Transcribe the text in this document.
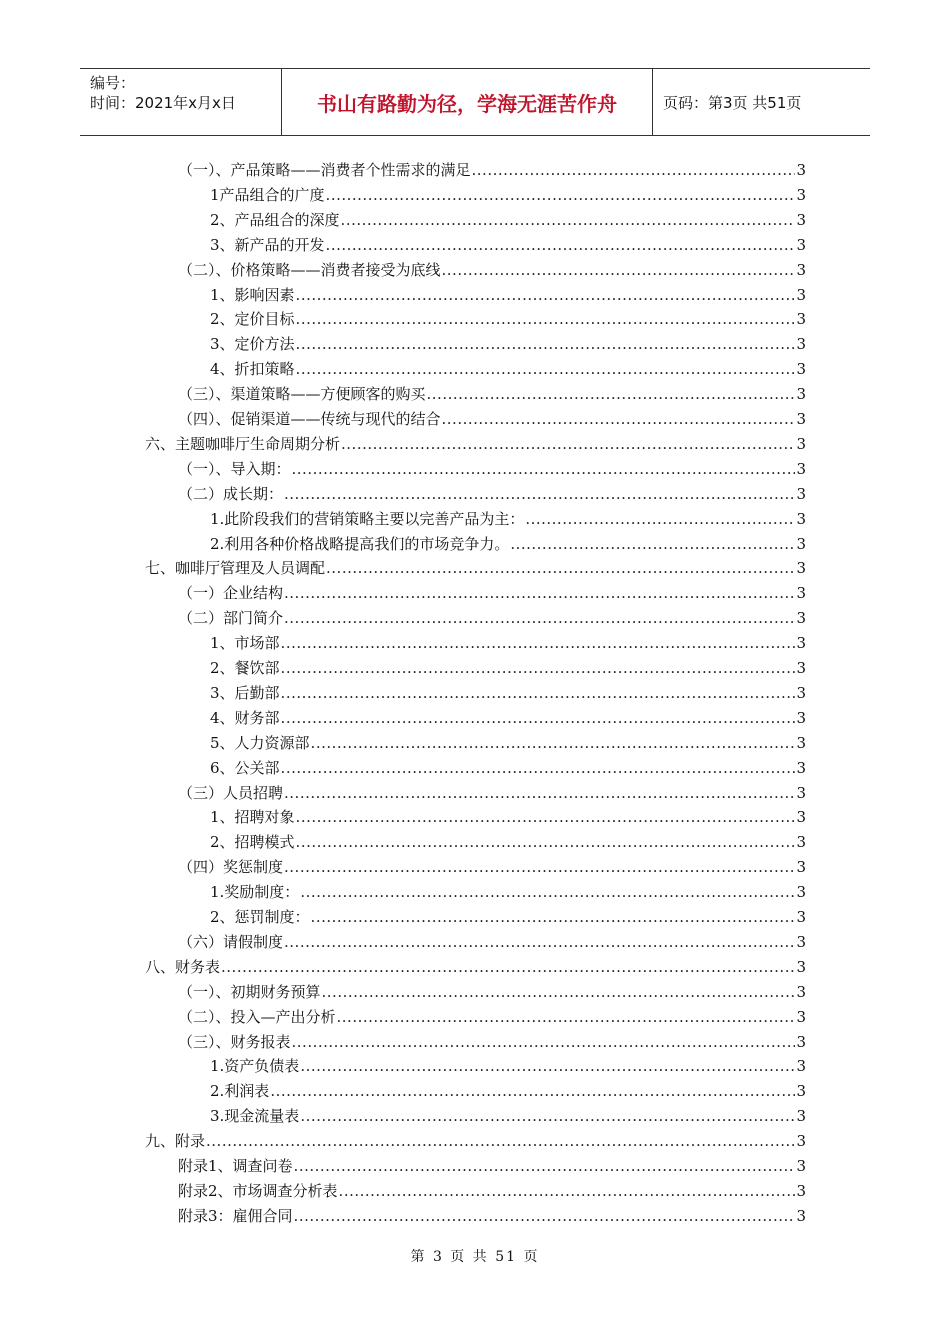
编号：
时间：2021年x月x日	书山有路勤为径，学海无涯苦作舟	页码：第3页 共51页
（一）、产品策略——消费者个性需求的满足 .....	3
1产品组合的广度 .....	3
2、产品组合的深度 .....	3
3、新产品的开发 .....	3
（二）、价格策略——消费者接受为底线 .....	3
1、影响因素 .....	3
2、定价目标 .....	3
3、定价方法 .....	3
4、折扣策略 .....	3
（三）、渠道策略——方便顾客的购买 .....	3
（四）、促销渠道——传统与现代的结合 .....	3
六、主题咖啡厅生命周期分析 .....	3
（一）、导入期： .....	3
（二）成长期： .....	3
1.此阶段我们的营销策略主要以完善产品为主： .....	3
2.利用各种价格战略提高我们的市场竞争力。 .....	3
七、咖啡厅管理及人员调配 .....	3
（一）企业结构 .....	3
（二）部门简介 .....	3
1、市场部 .....	3
2、餐饮部 .....	3
3、后勤部 .....	3
4、财务部 .....	3
5、人力资源部 .....	3
6、公关部 .....	3
（三）人员招聘 .....	3
1、招聘对象 .....	3
2、招聘模式 .....	3
（四）奖惩制度 .....	3
1.奖励制度： .....	3
2、惩罚制度： .....	3
（六）请假制度 .....	3
八、财务表 .....	3
（一）、初期财务预算 .....	3
（二）、投入—产出分析 .....	3
（三）、财务报表 .....	3
1.资产负债表 .....	3
2.利润表 .....	3
3.现金流量表 .....	3
九、附录 .....	3
附录1、调查问卷 .....	3
附录2、市场调查分析表 .....	3
附录3：雇佣合同 .....	3
第 3 页 共 51 页
